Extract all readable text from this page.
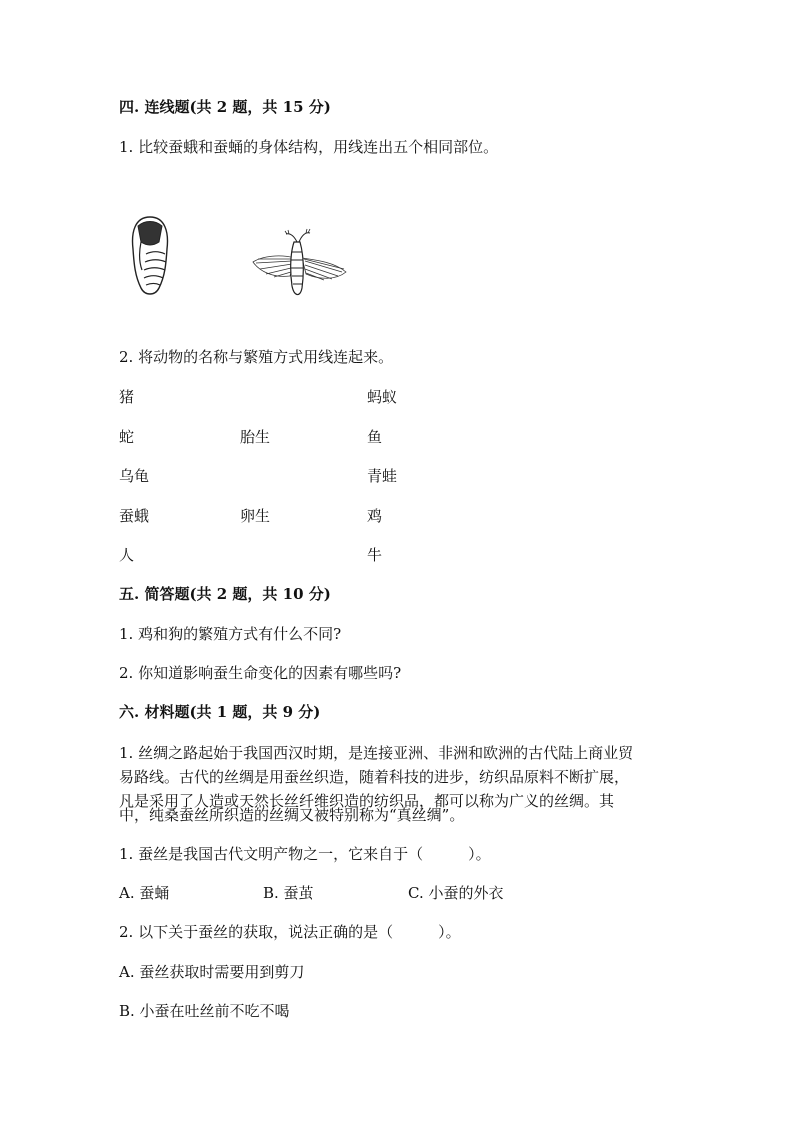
四. 连线题(共 2 题，共 15 分)
1. 比较蚕蛾和蚕蛹的身体结构，用线连出五个相同部位。
2. 将动物的名称与繁殖方式用线连起来。
猪
蛇
乌龟
蚕蛾
人
胎生
卵生
蚂蚁
鱼
青蛙
鸡
牛
五. 简答题(共 2 题，共 10 分)
1. 鸡和狗的繁殖方式有什么不同?
2. 你知道影响蚕生命变化的因素有哪些吗?
六. 材料题(共 1 题，共 9 分)
1. 丝绸之路起始于我国西汉时期，是连接亚洲、非洲和欧洲的古代陆上商业贸
易路线。古代的丝绸是用蚕丝织造，随着科技的进步，纺织品原料不断扩展，
凡是采用了人造或天然长丝纤维织造的纺织品，都可以称为广义的丝绸。其
中，纯桑蚕丝所织造的丝绸又被特别称为“真丝绸”。
1. 蚕丝是我国古代文明产物之一，它来自于（　　　）。
A. 蚕蛹	B. 蚕茧	C. 小蚕的外衣
2. 以下关于蚕丝的获取，说法正确的是（　　　）。
A. 蚕丝获取时需要用到剪刀
B. 小蚕在吐丝前不吃不喝
